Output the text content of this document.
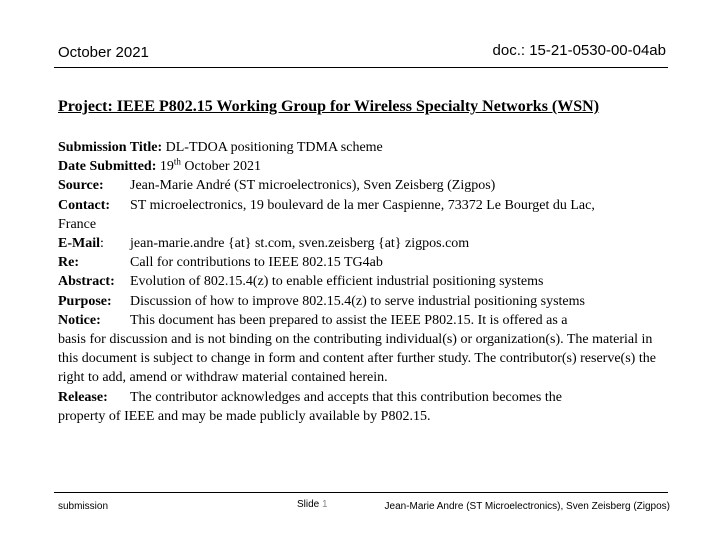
October 2021	doc.: 15-21-0530-00-04ab
Project: IEEE P802.15 Working Group for Wireless Specialty Networks (WSN)
Submission Title: DL-TDOA positioning TDMA scheme
Date Submitted: 19th October 2021
Source: Jean-Marie André (ST microelectronics), Sven Zeisberg (Zigpos)
Contact: ST microelectronics, 19 boulevard de la mer Caspienne, 73372 Le Bourget du Lac,
France
E-Mail: jean-marie.andre {at} st.com, sven.zeisberg {at} zigpos.com
Re:	Call for contributions to IEEE 802.15 TG4ab
Abstract: Evolution of 802.15.4(z) to enable efficient industrial positioning systems
Purpose: Discussion of how to improve 802.15.4(z) to serve industrial positioning systems
Notice: This document has been prepared to assist the IEEE P802.15. It is offered as a

basis for discussion and is not binding on the contributing individual(s) or organization(s). The material in this document is subject to change in form and content after further study. The contributor(s) reserve(s) the right to add, amend or withdraw material contained herein.

Release: The contributor acknowledges and accepts that this contribution becomes the

property of IEEE and may be made publicly available by P802.15.

submission	Slide 1	Jean-Marie Andre (ST Microelectronics), Sven Zeisberg (Zigpos)
